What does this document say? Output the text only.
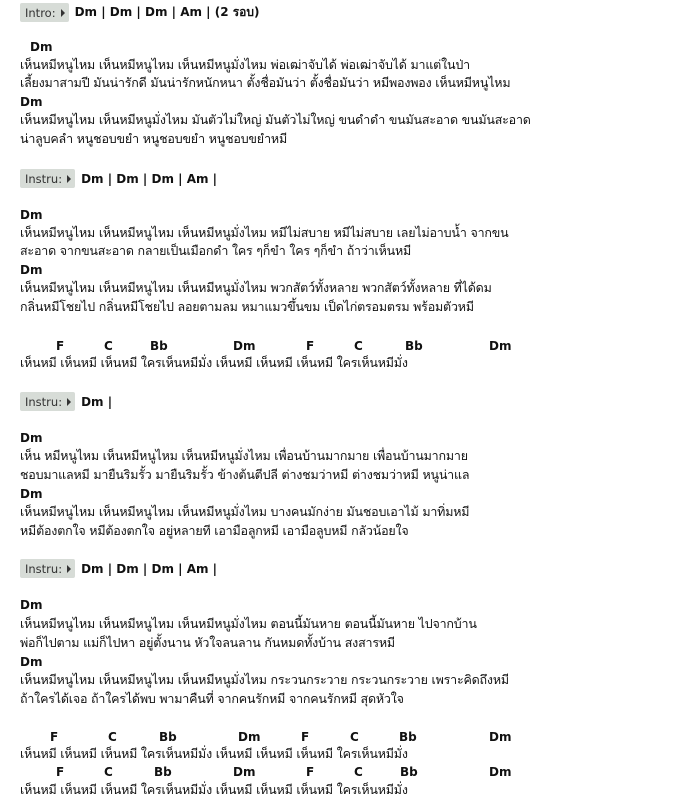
Intro: Dm | Dm | Dm | Am | (2 รอบ)
Dm
เห็นหมีหนูไหม เห็นหมีหนูไหม เห็นหมีหนูมั่งไหม พ่อเฒ่าจับได้ พ่อเฒ่าจับได้ มาแต่ในป่า
เลี้ยงมาสามปี มันน่ารักดี มันน่ารักหนักหนา ตั้งชื่อมันว่า ตั้งชื่อมันว่า หมีพองพอง เห็นหมีหนูไหม
Dm
เห็นหมีหนูไหม เห็นหมีหนูมั่งไหม มันตัวไม่ใหญ่ มันตัวไม่ใหญ่ ขนดำดำ ขนมันสะอาด ขนมันสะอาด
น่าลูบคลำ หนูชอบขยำ หนูชอบขยำ หนูชอบขยำหมี
Instru: Dm | Dm | Dm | Am |
Dm
เห็นหมีหนูไหม เห็นหมีหนูไหม เห็นหมีหนูมั่งไหม หมีไม่สบาย หมีไม่สบาย เลยไม่อาบน้ำ จากขน
สะอาด จากขนสะอาด กลายเป็นเมือกดำ ใคร ๆก็ขำ ใคร ๆก็ขำ ถ้าว่าเห็นหมี
Dm
เห็นหมีหนูไหม เห็นหมีหนูไหม เห็นหมีหนูมั่งไหม พวกสัตว์ทั้งหลาย พวกสัตว์ทั้งหลาย ที่ได้ดม
กลิ่นหมีโชยไป กลิ่นหมีโชยไป ลอยตามลม หมาแมวขึ้นขม เป็ดไก่ตรอมตรม พร้อมตัวหมี
F	C	Bb	Dm	F	C	Bb	Dm
เห็นหมี เห็นหมี เห็นหมี ใครเห็นหมีมั่ง เห็นหมี เห็นหมี เห็นหมี ใครเห็นหมีมั่ง
Instru: Dm |
Dm
เห็น หมีหนูไหม เห็นหมีหนูไหม เห็นหมีหนูมั่งไหม เพื่อนบ้านมากมาย เพื่อนบ้านมากมาย
ชอบมาแลหมี มายืนริมรั้ว มายืนริมรั้ว ข้างต้นตีปลี ต่างชมว่าหมี ต่างชมว่าหมี หนูน่าแล
Dm
เห็นหมีหนูไหม เห็นหมีหนูไหม เห็นหมีหนูมั่งไหม บางคนมักง่าย มันชอบเอาไม้ มาทิ่มหมี
หมีต้องตกใจ หมีต้องตกใจ อยู่หลายที เอามือลูกหมี เอามือลูบหมี กลัวน้อยใจ
Instru: Dm | Dm | Dm | Am |
Dm
เห็นหมีหนูไหม เห็นหมีหนูไหม เห็นหมีหนูมั่งไหม ตอนนี้มันหาย ตอนนี้มันหาย ไปจากบ้าน
พ่อก็ไปตาม แม่ก็ไปหา อยู่ตั้งนาน หัวใจลนลาน กันหมดทั้งบ้าน สงสารหมี
Dm
เห็นหมีหนูไหม เห็นหมีหนูไหม เห็นหมีหนูมั่งไหม กระวนกระวาย กระวนกระวาย เพราะคิดถึงหมี
ถ้าใครได้เจอ ถ้าใครได้พบ พามาคืนที่ จากคนรักหมี จากคนรักหมี สุดหัวใจ
F	C	Bb	Dm	F	C	Bb	Dm
เห็นหมี เห็นหมี เห็นหมี ใครเห็นหมีมั่ง เห็นหมี เห็นหมี เห็นหมี ใครเห็นหมีมั่ง
F	C	Bb	Dm	F	C	Bb	Dm
เห็นหมี เห็นหมี เห็นหมี ใครเห็นหมีมั่ง เห็นหมี เห็นหมี เห็นหมี ใครเห็นหมีมั่ง
